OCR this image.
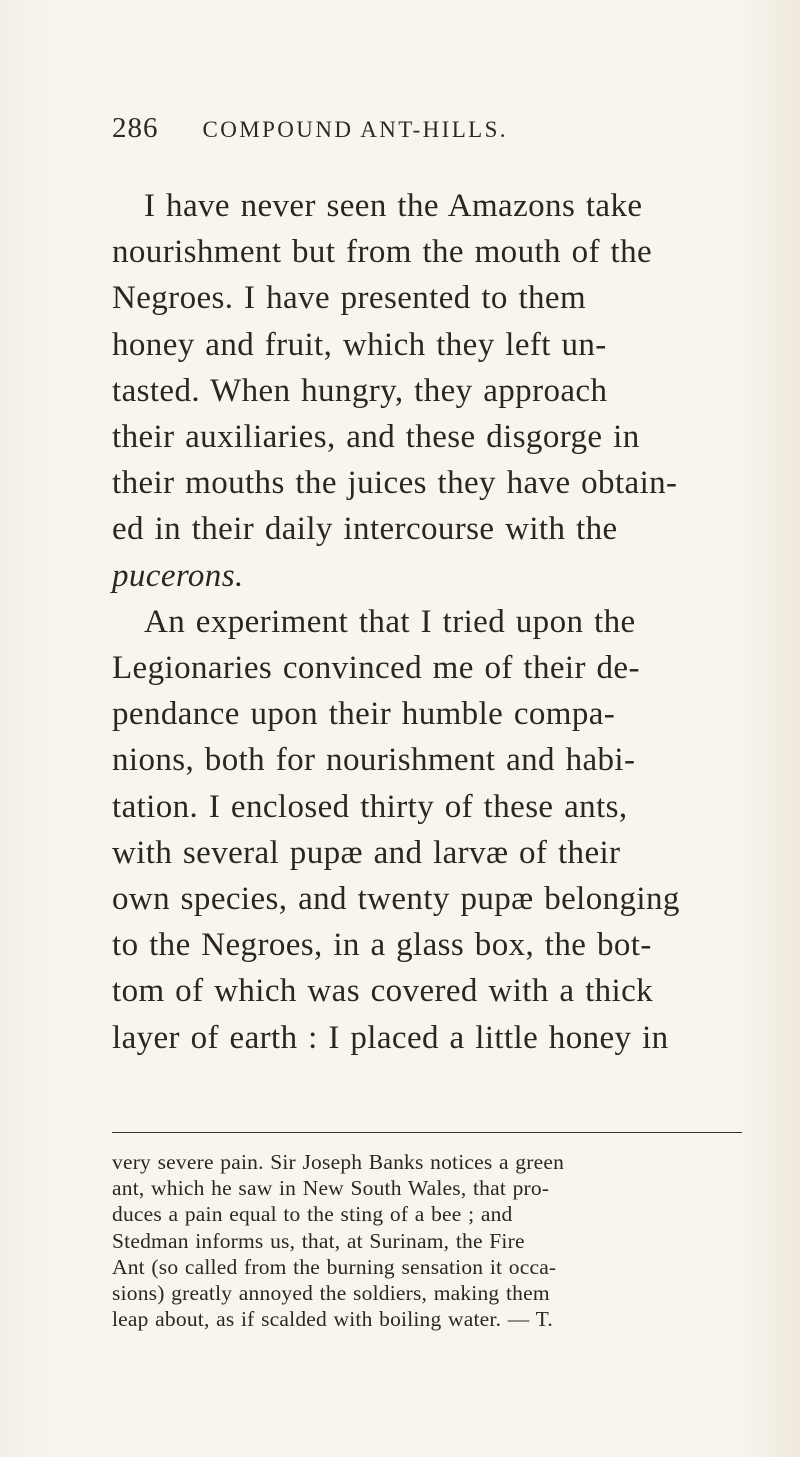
286 COMPOUND ANT-HILLS.
I have never seen the Amazons take
nourishment but from the mouth of the
Negroes. I have presented to them
honey and fruit, which they left un-
tasted. When hungry, they approach
their auxiliaries, and these disgorge in
their mouths the juices they have obtain-
ed in their daily intercourse with the
pucerons.
An experiment that I tried upon the
Legionaries convinced me of their de-
pendance upon their humble compa-
nions, both for nourishment and habi-
tation. I enclosed thirty of these ants,
with several pupæ and larvæ of their
own species, and twenty pupæ belonging
to the Negroes, in a glass box, the bot-
tom of which was covered with a thick
layer of earth : I placed a little honey in
very severe pain. Sir Joseph Banks notices a green
ant, which he saw in New South Wales, that pro-
duces a pain equal to the sting of a bee ; and
Stedman informs us, that, at Surinam, the Fire
Ant (so called from the burning sensation it occa-
sions) greatly annoyed the soldiers, making them
leap about, as if scalded with boiling water. — T.
